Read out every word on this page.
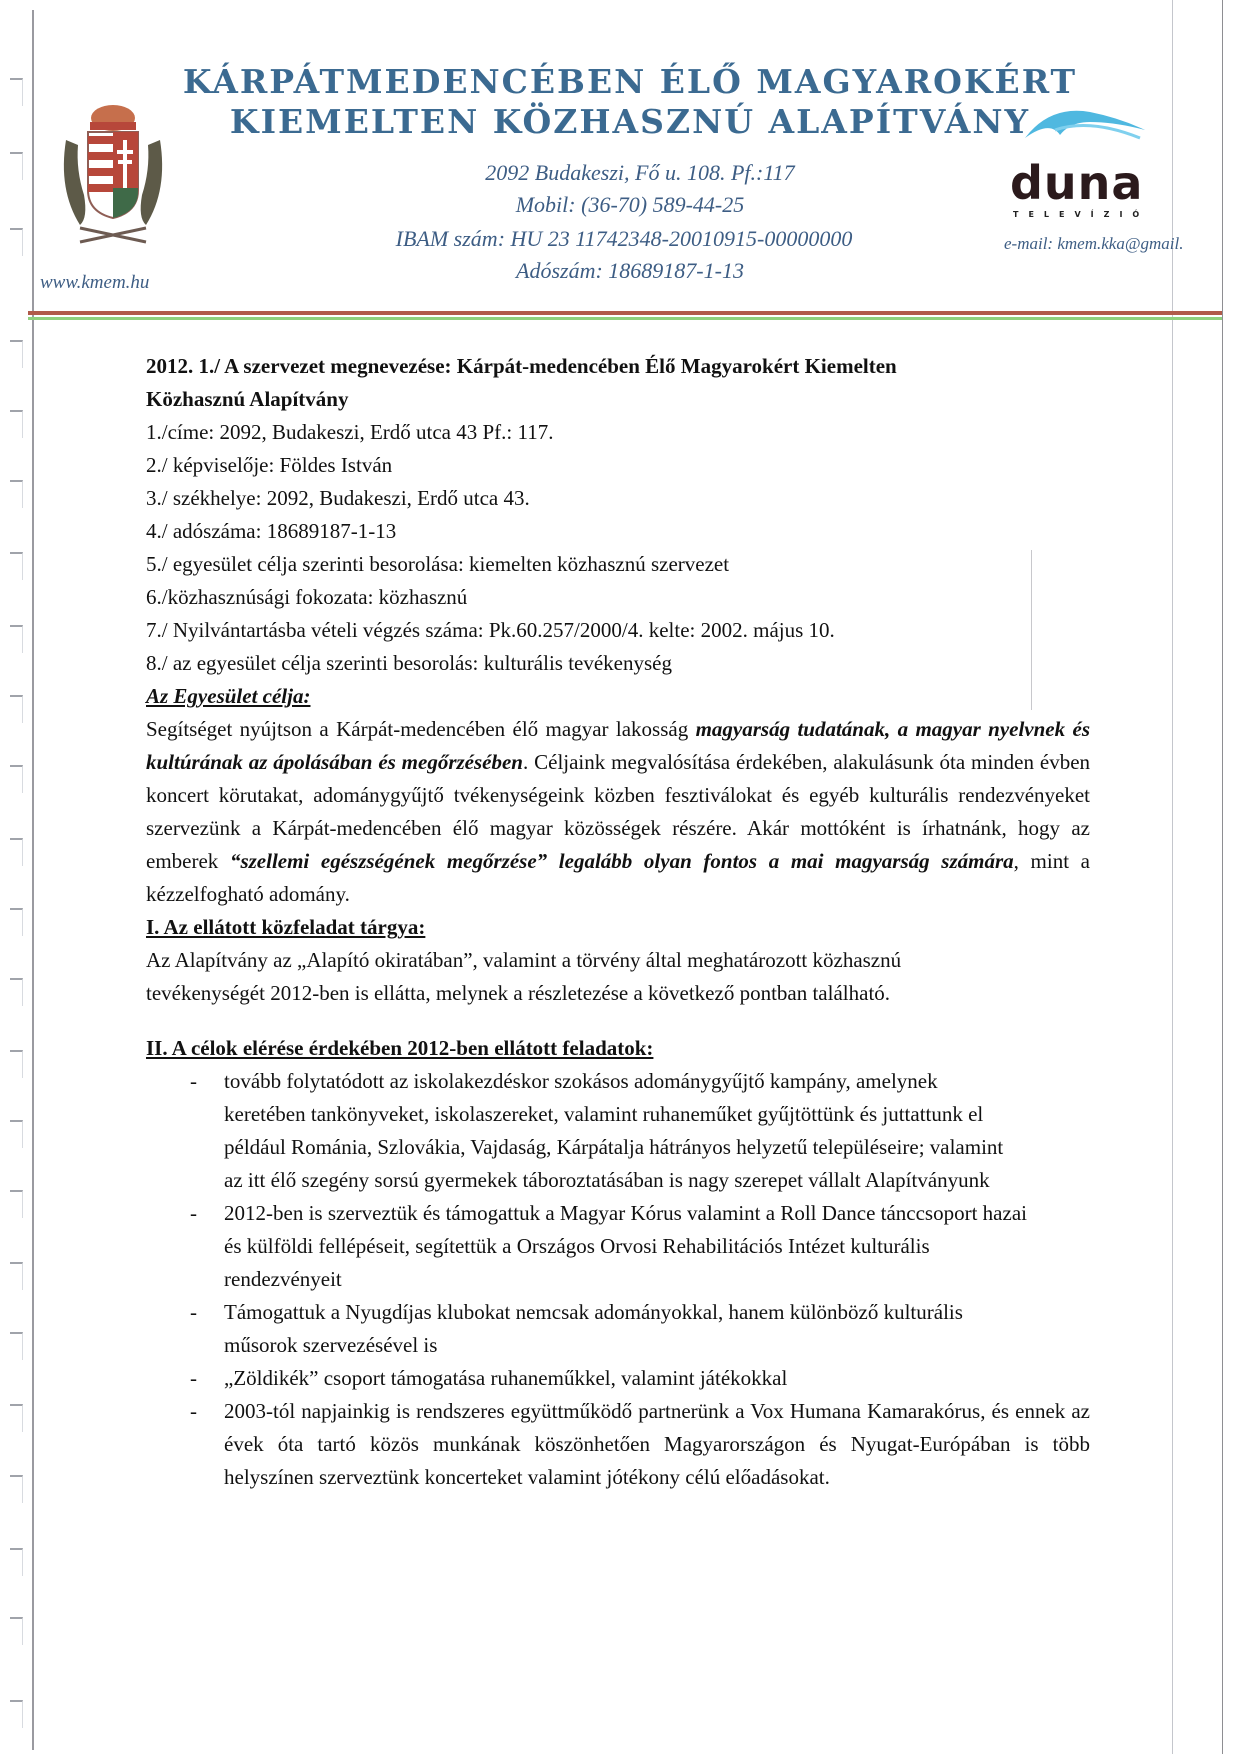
www.kmem.hu
KÁRPÁTMEDENCÉBEN ÉLŐ MAGYAROKÉRT
KIEMELTEN KÖZHASZNÚ ALAPÍTVÁNY
2092 Budakeszi, Fő u. 108. Pf.:117
Mobil: (36-70) 589-44-25
IBAM szám: HU 23 11742348-20010915-00000000
Adószám: 18689187-1-13
duna
TELEVÍZIÓ
e-mail: kmem.kka@gmail.
2012. 1./ A szervezet megnevezése: Kárpát-medencében Élő Magyarokért Kiemelten
Közhasznú Alapítvány
1./címe: 2092, Budakeszi, Erdő utca 43 Pf.: 117.
2./ képviselője: Földes István
3./ székhelye: 2092, Budakeszi, Erdő utca 43.
4./ adószáma: 18689187-1-13
5./ egyesület célja szerinti besorolása: kiemelten közhasznú szervezet
6./közhasznúsági fokozata: közhasznú
7./ Nyilvántartásba vételi végzés száma: Pk.60.257/2000/4. kelte: 2002. május 10.
8./ az egyesület célja szerinti besorolás: kulturális tevékenység
Az Egyesület célja:
Segítséget nyújtson a Kárpát-medencében élő magyar lakosság magyarság tudatának, a magyar nyelvnek és kultúrának az ápolásában és megőrzésében. Céljaink megvalósítása érdekében, alakulásunk óta minden évben koncert körutakat, adománygyűjtő tvékenységeink közben fesztiválokat és egyéb kulturális rendezvényeket szervezünk a Kárpát-medencében élő magyar közösségek részére. Akár mottóként is írhatnánk, hogy az emberek “szellemi egészségének megőrzése” legalább olyan fontos a mai magyarság számára, mint a kézzelfogható adomány.
I. Az ellátott közfeladat tárgya:
Az Alapítvány az „Alapító okiratában”, valamint a törvény által meghatározott közhasznú
tevékenységét 2012-ben is ellátta, melynek a részletezése a következő pontban található.
II. A célok elérése érdekében 2012-ben ellátott feladatok:
- tovább folytatódott az iskolakezdéskor szokásos adománygyűjtő kampány, amelynek keretében tankönyveket, iskolaszereket, valamint ruhaneműket gyűjtöttünk és juttattunk el például Románia, Szlovákia, Vajdaság, Kárpátalja hátrányos helyzetű településeire; valamint az itt élő szegény sorsú gyermekek táboroztatásában is nagy szerepet vállalt Alapítványunk
- 2012-ben is szerveztük és támogattuk a Magyar Kórus valamint a Roll Dance tánccsoport hazai és külföldi fellépéseit, segítettük a Országos Orvosi Rehabilitációs Intézet kulturális rendezvényeit
- Támogattuk a Nyugdíjas klubokat nemcsak adományokkal, hanem különböző kulturális műsorok szervezésével is
- „Zöldikék” csoport támogatása ruhaneműkkel, valamint játékokkal
- 2003-tól napjainkig is rendszeres együttműködő partnerünk a Vox Humana Kamarakórus, és ennek az évek óta tartó közös munkának köszönhetően Magyarországon és Nyugat-Európában is több helyszínen szerveztünk koncerteket valamint jótékony célú előadásokat.
